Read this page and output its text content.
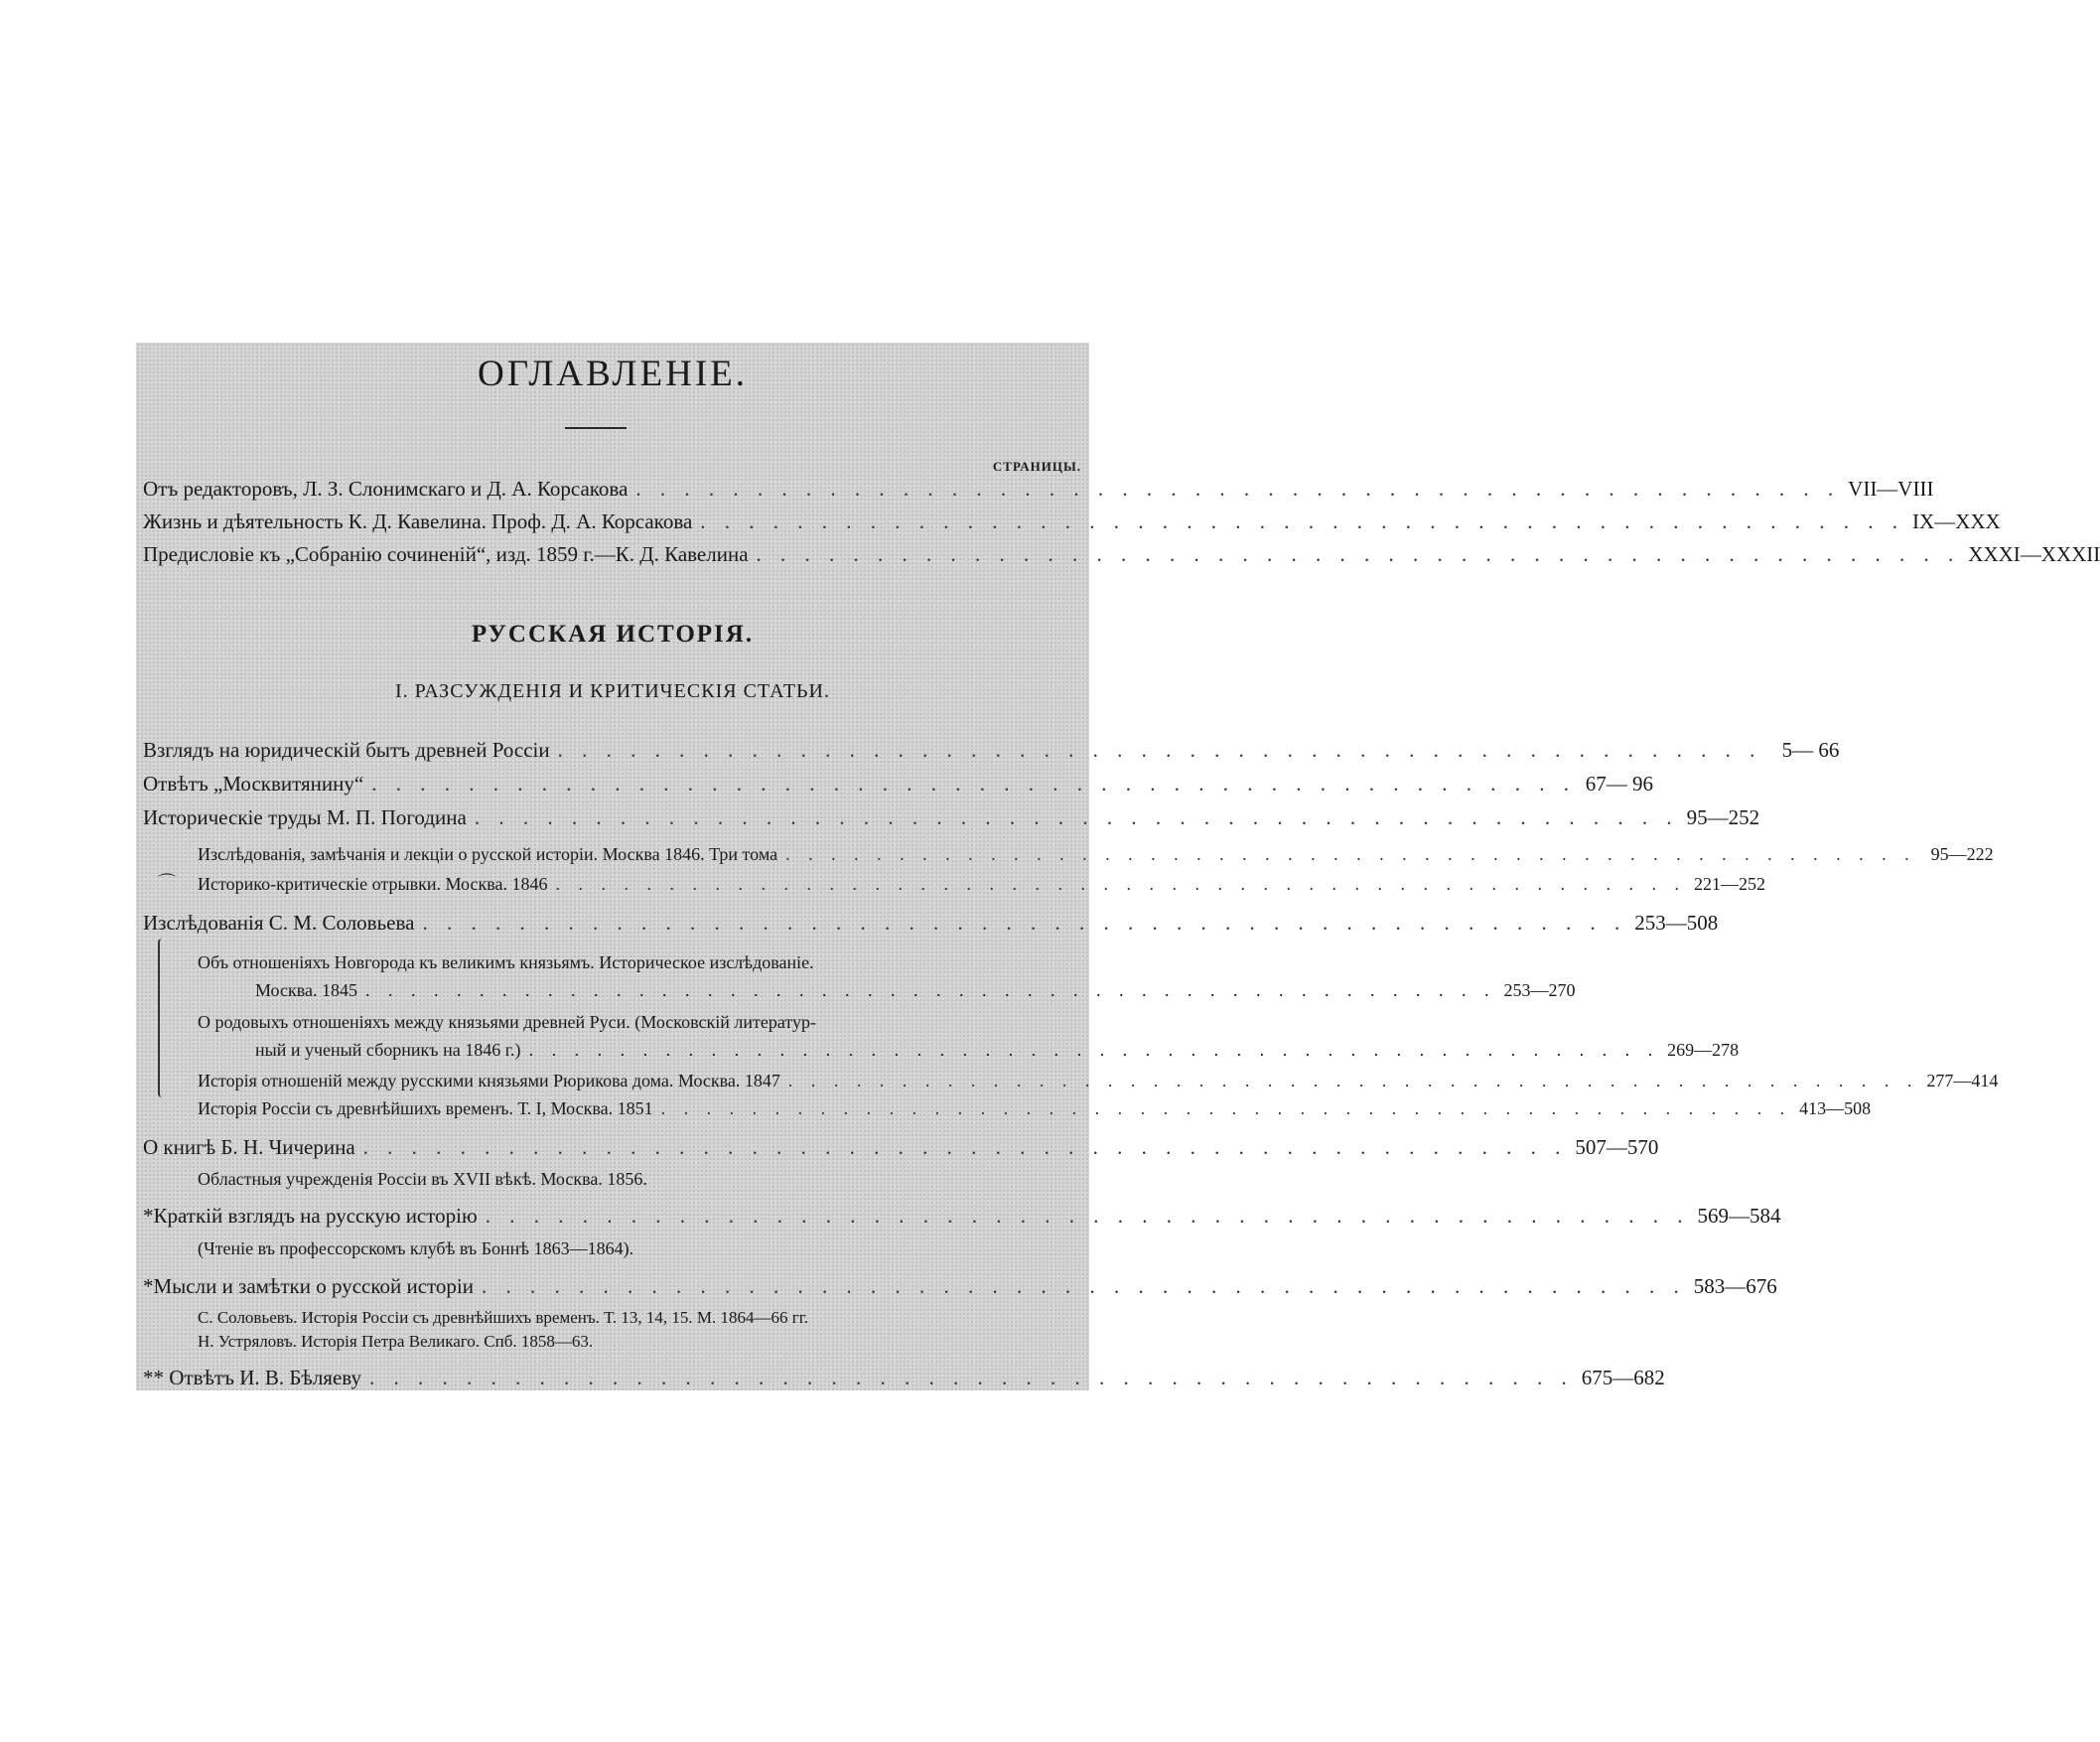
ОГЛАВЛЕНІЕ.
СТРАНИЦЫ.
Отъ редакторовъ, Л. З. Слонимскаго и Д. А. Корсакова . . . . . . . . . . . . . . . . . . . . . . . . . . . . . . . . . . . . . . . . . . . . . . . . . . VII—VIII
Жизнь и дѣятельность К. Д. Кавелина. Проф. Д. А. Корсакова . . . . . . . . . . . . . . . . . . . . . . . . . . . . . . . . . . . . . . . . . . . . . . . . . . IX—XXX
Предисловіе къ „Собранію сочиненій“, изд. 1859 г.—К. Д. Кавелина . . . . . . . . . . . . . . . . . . . . . . . . . . . . . . . . . . . . . . . . . . . . . . . . . . XXXI—XXXII
РУССКАЯ ИСТОРІЯ.
I. РАЗСУЖДЕНІЯ И КРИТИЧЕСКІЯ СТАТЬИ.
Взглядъ на юридическій бытъ древней Россіи . . . . . . . . . . . . . . . . . . . . . . . . . . . . . . . . . . . . . . . . . . . . . . . . . . 5— 66
Отвѣтъ „Москвитянину“ . . . . . . . . . . . . . . . . . . . . . . . . . . . . . . . . . . . . . . . . . . . . . . . . . . 67— 96
Историческіе труды М. П. Погодина . . . . . . . . . . . . . . . . . . . . . . . . . . . . . . . . . . . . . . . . . . . . . . . . . . 95—252
Изслѣдованія, замѣчанія и лекціи о русской исторіи. Москва 1846. Три тома . . . . . . . . . . . . . . . . . . . . . . . . . . . . . . . . . . . . . . . . . . . . . . . . . . 95—222
⌒ Историко-критическіе отрывки. Москва. 1846 . . . . . . . . . . . . . . . . . . . . . . . . . . . . . . . . . . . . . . . . . . . . . . . . . . 221—252
Изслѣдованія С. М. Соловьева . . . . . . . . . . . . . . . . . . . . . . . . . . . . . . . . . . . . . . . . . . . . . . . . . . 253—508
Объ отношеніяхъ Новгорода къ великимъ князьямъ. Историческое изслѣдованіе.
Москва. 1845 . . . . . . . . . . . . . . . . . . . . . . . . . . . . . . . . . . . . . . . . . . . . . . . . . . 253—270
О родовыхъ отношеніяхъ между князьями древней Руси. (Московскій литератур-
ный и ученый сборникъ на 1846 г.) . . . . . . . . . . . . . . . . . . . . . . . . . . . . . . . . . . . . . . . . . . . . . . . . . . 269—278
Исторія отношеній между русскими князьями Рюрикова дома. Москва. 1847 . . . . . . . . . . . . . . . . . . . . . . . . . . . . . . . . . . . . . . . . . . . . . . . . . . 277—414
Исторія Россіи съ древнѣйшихъ временъ. Т. I, Москва. 1851 . . . . . . . . . . . . . . . . . . . . . . . . . . . . . . . . . . . . . . . . . . . . . . . . . . 413—508
О книгѣ Б. Н. Чичерина . . . . . . . . . . . . . . . . . . . . . . . . . . . . . . . . . . . . . . . . . . . . . . . . . . 507—570
Областныя учрежденія Россіи въ XVII вѣкѣ. Москва. 1856.
*Краткій взглядъ на русскую исторію . . . . . . . . . . . . . . . . . . . . . . . . . . . . . . . . . . . . . . . . . . . . . . . . . . 569—584
(Чтеніе въ профессорскомъ клубѣ въ Боннѣ 1863—1864).
*Мысли и замѣтки о русской исторіи . . . . . . . . . . . . . . . . . . . . . . . . . . . . . . . . . . . . . . . . . . . . . . . . . . 583—676
С. Соловьевъ. Исторія Россіи съ древнѣйшихъ временъ. Т. 13, 14, 15. М. 1864—66 гг.
Н. Устряловъ. Исторія Петра Великаго. Спб. 1858—63.
** Отвѣтъ И. В. Бѣляеву . . . . . . . . . . . . . . . . . . . . . . . . . . . . . . . . . . . . . . . . . . . . . . . . . . 675—682
